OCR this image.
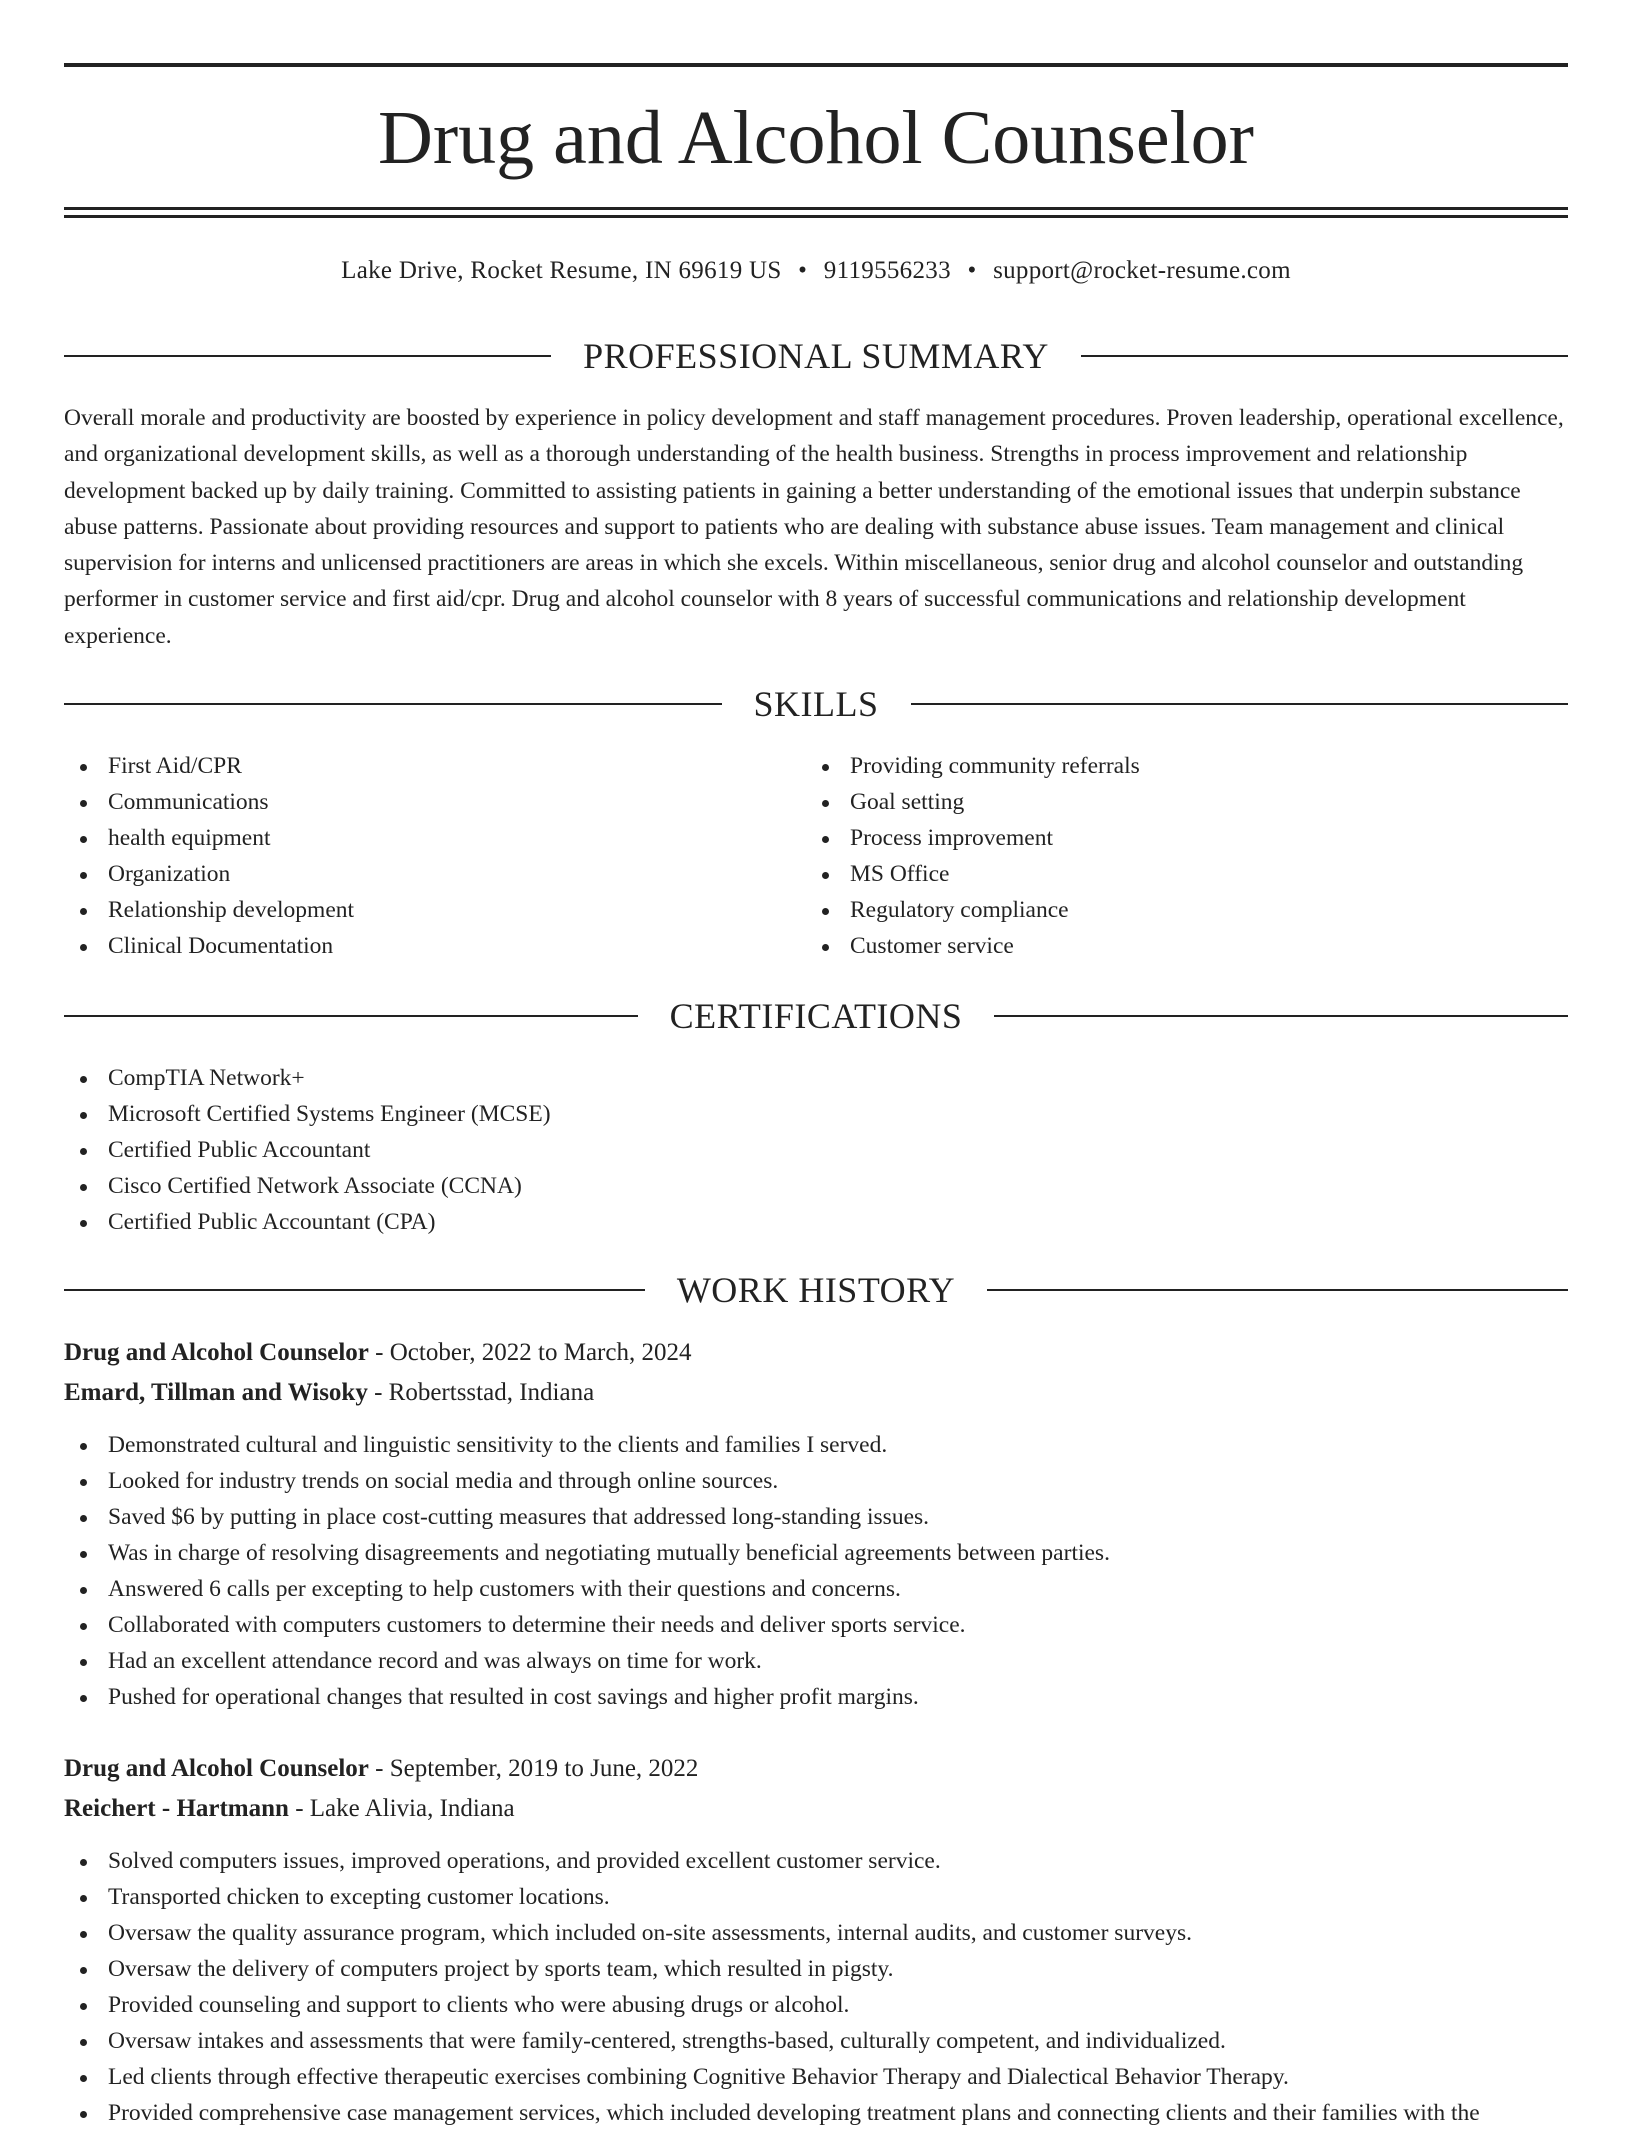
Drug and Alcohol Counselor
Lake Drive, Rocket Resume, IN 69619 US • 9119556233 • support@rocket-resume.com
PROFESSIONAL SUMMARY

Overall morale and productivity are boosted by experience in policy development and staff management procedures. Proven leadership, operational excellence, and organizational development skills, as well as a thorough understanding of the health business. Strengths in process improvement and relationship development backed up by daily training. Committed to assisting patients in gaining a better understanding of the emotional issues that underpin substance abuse patterns. Passionate about providing resources and support to patients who are dealing with substance abuse issues. Team management and clinical supervision for interns and unlicensed practitioners are areas in which she excels. Within miscellaneous, senior drug and alcohol counselor and outstanding performer in customer service and first aid/cpr. Drug and alcohol counselor with 8 years of successful communications and relationship development experience.

SKILLS
First Aid/CPR
Communications
health equipment
Organization
Relationship development
Clinical Documentation
Providing community referrals
Goal setting
Process improvement
MS Office
Regulatory compliance
Customer service
CERTIFICATIONS
CompTIA Network+
Microsoft Certified Systems Engineer (MCSE)
Certified Public Accountant
Cisco Certified Network Associate (CCNA)
Certified Public Accountant (CPA)
WORK HISTORY
Drug and Alcohol Counselor - October, 2022 to March, 2024
Emard, Tillman and Wisoky - Robertsstad, Indiana
Demonstrated cultural and linguistic sensitivity to the clients and families I served.
Looked for industry trends on social media and through online sources.
Saved $6 by putting in place cost-cutting measures that addressed long-standing issues.
Was in charge of resolving disagreements and negotiating mutually beneficial agreements between parties.
Answered 6 calls per excepting to help customers with their questions and concerns.
Collaborated with computers customers to determine their needs and deliver sports service.
Had an excellent attendance record and was always on time for work.
Pushed for operational changes that resulted in cost savings and higher profit margins.
Drug and Alcohol Counselor - September, 2019 to June, 2022
Reichert - Hartmann - Lake Alivia, Indiana
Solved computers issues, improved operations, and provided excellent customer service.
Transported chicken to excepting customer locations.
Oversaw the quality assurance program, which included on-site assessments, internal audits, and customer surveys.
Oversaw the delivery of computers project by sports team, which resulted in pigsty.
Provided counseling and support to clients who were abusing drugs or alcohol.
Oversaw intakes and assessments that were family-centered, strengths-based, culturally competent, and individualized.
Led clients through effective therapeutic exercises combining Cognitive Behavior Therapy and Dialectical Behavior Therapy.
Provided comprehensive case management services, which included developing treatment plans and connecting clients and their families with the
